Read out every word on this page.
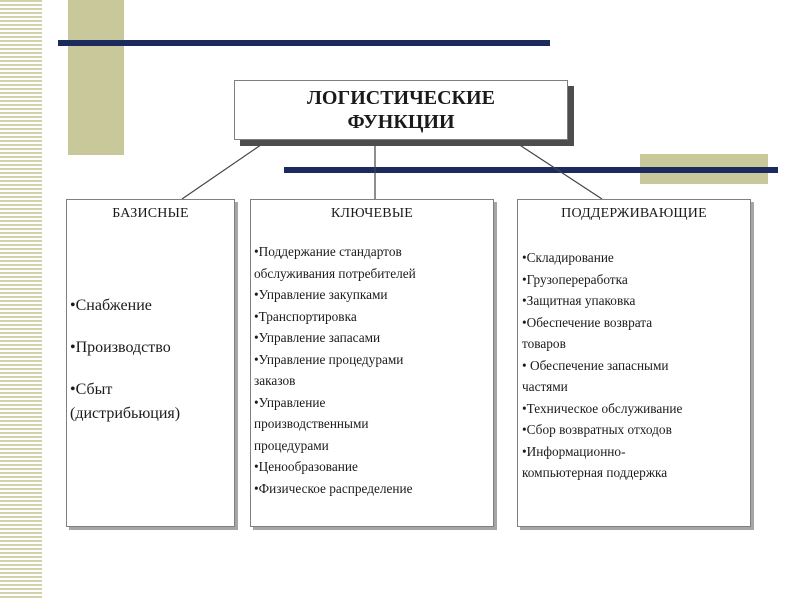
ЛОГИСТИЧЕСКИЕ
ФУНКЦИИ
БАЗИСНЫЕ
•Снабжение
•Производство
•Сбыт
(дистрибьюция)
КЛЮЧЕВЫЕ
•Поддержание стандартов
обслуживания потребителей
•Управление закупками
•Транспортировка
•Управление запасами
•Управление процедурами
заказов
•Управление
производственными
процедурами
•Ценообразование
•Физическое распределение
ПОДДЕРЖИВАЮЩИЕ
•Складирование
•Грузопереработка
•Защитная упаковка
•Обеспечение возврата
товаров
• Обеспечение запасными
частями
•Техническое обслуживание
•Сбор возвратных отходов
•Информационно-
компьютерная поддержка
